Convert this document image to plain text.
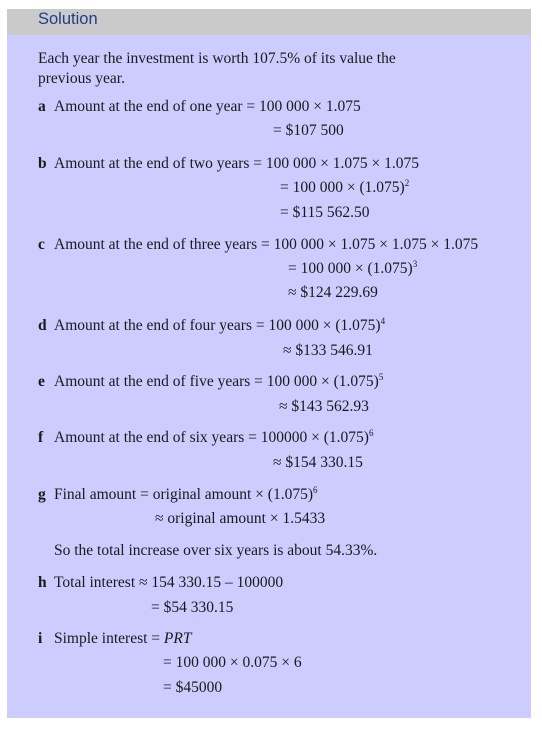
Solution
Each year the investment is worth 107.5% of its value the
previous year.
a Amount at the end of one year = 100 000 × 1.075
= $107 500
b Amount at the end of two years = 100 000 × 1.075 × 1.075
= 100 $000 \times (1.075)^2$
= $115 562.50
c Amount at the end of three years = 100 000 × 1.075 × 1.075 × 1.075
= 100 $000 \times (1.075)^3$
≈ $124 229.69
d Amount at the end of four years = 100 $000 \times (1.075)^4$
≈ $133 546.91
e Amount at the end of five years = 100 $000 \times (1.075)^5$
≈ $143 562.93
f Amount at the end of six years = $100000 \times (1.075)^6$
≈ $154 330.15
g Final amount = original amount × $(1.075)^6$
≈ original amount × 1.5433
So the total increase over six years is about 54.33%.
h Total interest ≈ 154 330.15 – 100000
= $54 330.15
i Simple interest = PRT
= 100 000 × 0.075 × 6
= $45000
